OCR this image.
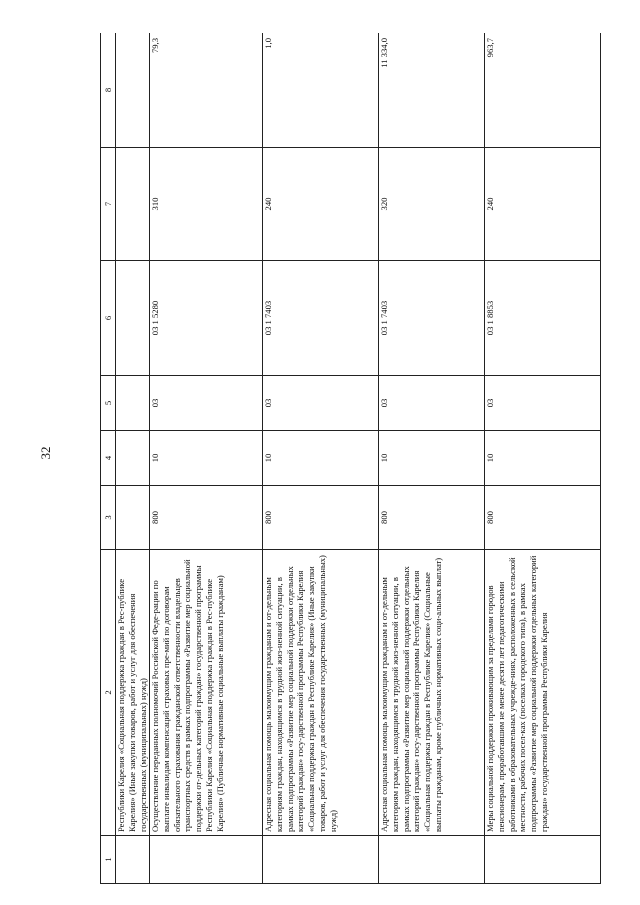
32
1	2	3	4	5	6	7	8
	Республики Карелия «Социальная поддержка граждан в Рес-публике Карелия» (Иные закупки товаров, работ и услуг для обеспечения государственных (муниципальных) нужд)						
	Осуществление переданных полномочий Российской Феде-рации по выплате инвалидам компенсаций страховых пре-мий по договорам обязательного страхования гражданской ответственности владельцев транспортных средств в рамках подпрограммы «Развитие мер социальной поддержки от-дельных категорий граждан» государственной программы Республики Карелия «Социальная поддержка граждан в Рес-публике Карелия» (Публичные нормативные социальные выплаты гражданам)	800	10	03	03 1 5280	310	79,3
	Адресная социальная помощь малоимущим гражданам и от-дельным категориям граждан, находящимся в трудной жиз-ненной ситуации, в рамках подпрограммы «Развитие мер социальной поддержки отдельных категорий граждан» госу-дарственной программы Республики Карелия «Социальная поддержка граждан в Республике Карелия» (Иные закупки товаров, работ и услуг для обеспечения государственных (муниципальных) нужд)	800	10	03	03 1 7403	240	1,0
	Адресная социальная помощь малоимущим гражданам и от-дельным категориям граждан, находящимся в трудной жиз-ненной ситуации, в рамках подпрограммы «Развитие мер социальной поддержки отдельных категорий граждан» госу-дарственной программы Республики Карелия «Социальная поддержка граждан в Республике Карелия» (Социальные выплаты гражданам, кроме публичных нормативных соци-альных выплат)	800	10	03	03 1 7403	320	11 334,0
	Меры социальной поддержки проживающим за пределами городов пенсионерам, проработавшим не менее десяти лет педагогическими работниками в образовательных учрежде-ниях, расположенных в сельской местности, рабочих посел-ках (поселках городского типа), в рамках подпрограммы «Развитие мер социальной поддержки отдельных категорий граждан» государственной программы Республики Карелия	800	10	03	03 1 8853	240	963,7
